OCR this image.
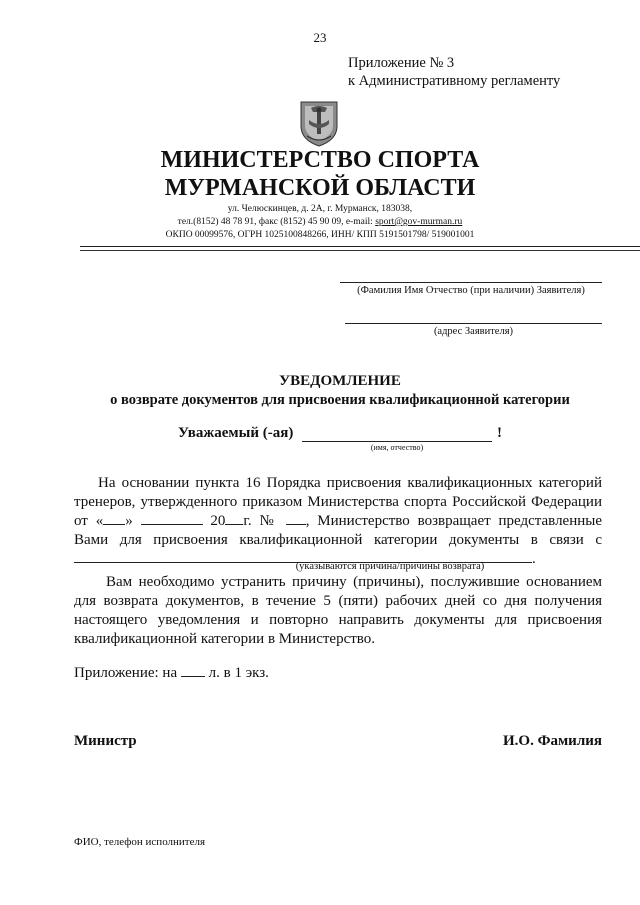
23
Приложение № 3
к Административному регламенту
МИНИСТЕРСТВО СПОРТА
МУРМАНСКОЙ ОБЛАСТИ
ул. Челюскинцев, д. 2А, г. Мурманск, 183038,
тел.(8152) 48 78 91, факс (8152) 45 90 09, e-mail: sport@gov-murman.ru
ОКПО 00099576, ОГРН 1025100848266, ИНН/ КПП 5191501798/ 519001001
(Фамилия Имя Отчество (при наличии) Заявителя)
(адрес Заявителя)
УВЕДОМЛЕНИЕ
о возврате документов для присвоения квалификационной категории
Уважаемый (-ая)	!
(имя, отчество)
На основании пункта 16 Порядка присвоения квалификационных категорий тренеров, утвержденного приказом Министерства спорта Российской Федерации от « »	20 г. № , Министерство возвращает представленные Вами для присвоения квалификационной категории документы в связи с .
(указываются причина/причины возврата)
Вам необходимо устранить причину (причины), послужившие основанием для возврата документов, в течение 5 (пяти) рабочих дней со дня получения настоящего уведомления и повторно направить документы для присвоения квалификационной категории в Министерство.
Приложение: на л. в 1 экз.
Министр	И.О. Фамилия
ФИО, телефон исполнителя
